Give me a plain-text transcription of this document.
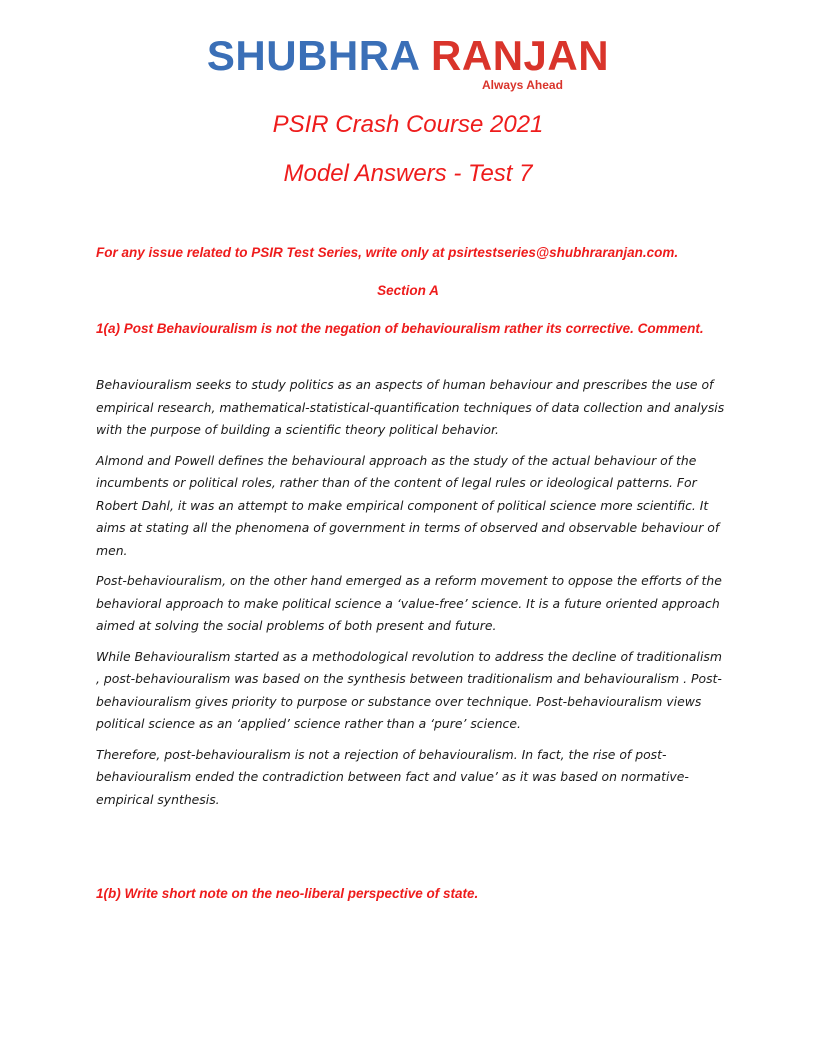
SHUBHRA RANJAN
Always Ahead
PSIR Crash Course 2021
Model Answers - Test 7
For any issue related to PSIR Test Series, write only at psirtestseries@shubhraranjan.com.
Section A
1(a) Post Behaviouralism is not the negation of behaviouralism rather its corrective. Comment.

Behaviouralism seeks to study politics as an aspects of human behaviour and prescribes the use of empirical research, mathematical-statistical-quantification techniques of data collection and analysis with the purpose of building a scientific theory political behavior.

Almond and Powell defines the behavioural approach as the study of the actual behaviour of the incumbents or political roles, rather than of the content of legal rules or ideological patterns. For Robert Dahl, it was an attempt to make empirical component of political science more scientific. It aims at stating all the phenomena of government in terms of observed and observable behaviour of men.

Post-behaviouralism, on the other hand emerged as a reform movement to oppose the efforts of the behavioral approach to make political science a ‘value-free’ science. It is a future oriented approach aimed at solving the social problems of both present and future.

While Behaviouralism started as a methodological revolution to address the decline of traditionalism , post-behaviouralism was based on the synthesis between traditionalism and behaviouralism . Post-behaviouralism gives priority to purpose or substance over technique. Post-behaviouralism views political science as an ‘applied’ science rather than a ‘pure’ science.

Therefore, post-behaviouralism is not a rejection of behaviouralism. In fact, the rise of post-behaviouralism ended the contradiction between fact and value’ as it was based on normative-empirical synthesis.

1(b) Write short note on the neo-liberal perspective of state.
